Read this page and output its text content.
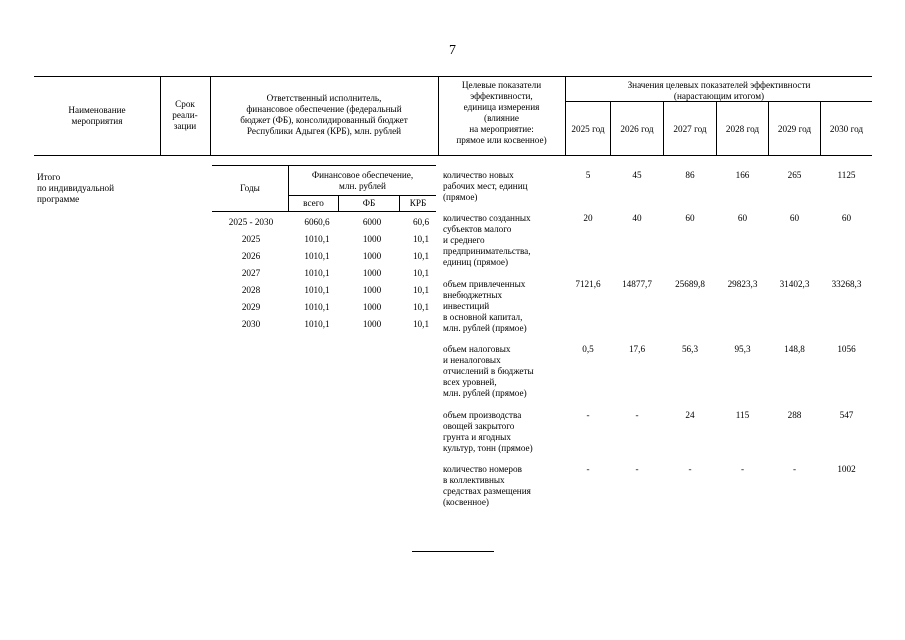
7
Наименование
мероприятия
Срок
реали-
зации
Ответственный исполнитель,
финансовое обеспечение (федеральный
бюджет (ФБ), консолидированный бюджет
Республики Адыгея (КРБ), млн. рублей
Целевые показатели
эффективности,
единица измерения
(влияние
на мероприятие:
прямое или косвенное)
Значения целевых показателей эффективности
(нарастающим итогом)
2025 год	2026 год	2027 год	2028 год	2029 год	2030 год
Итого
по индивидуальной
программе
Годы
Финансовое обеспечение,
млн. рублей
всего	ФБ	КРБ
2025 - 2030	6060,6	6000	60,6
2025	1010,1	1000	10,1
2026	1010,1	1000	10,1
2027	1010,1	1000	10,1
2028	1010,1	1000	10,1
2029	1010,1	1000	10,1
2030	1010,1	1000	10,1
количество новых
рабочих мест, единиц
(прямое)
5	45	86	166	265	1125
количество созданных
субъектов малого
и среднего
предпринимательства,
единиц (прямое)
20	40	60	60	60	60
объем привлеченных
внебюджетных
инвестиций
в основной капитал,
млн. рублей (прямое)
7121,6	14877,7	25689,8	29823,3	31402,3	33268,3
объем налоговых
и неналоговых
отчислений в бюджеты
всех уровней,
млн. рублей (прямое)
0,5	17,6	56,3	95,3	148,8	1056
объем производства
овощей закрытого
грунта и ягодных
культур, тонн (прямое)
-	-	24	115	288	547
количество номеров
в коллективных
средствах размещения
(косвенное)
-	-	-	-	-	1002
